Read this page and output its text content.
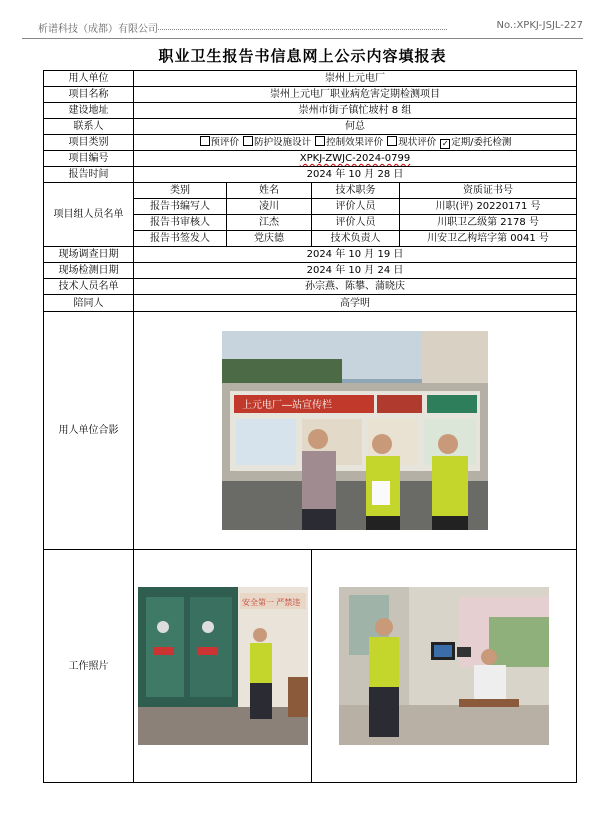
析谱科技（成都）有限公司	No.:XPKJ-JSJL-227
职业卫生报告书信息网上公示内容填报表
用人单位	崇州上元电厂			
项目名称	崇州上元电厂职业病危害定期检测项目			
建设地址	崇州市街子镇忙坡村 8 组			
联系人	何总			
项目类别	预评价 防护设施设计 控制效果评价 现状评价 ✓ 定期/委托检测			
项目编号	XPKJ-ZWJC-2024-0799			
报告时间	2024 年 10 月 28 日			
项目组人员名单	类别	姓名	技术职务	资质证书号
	报告书编写人	凌川	评价人员	川职(评) 20220171 号
	报告书审核人	江杰	评价人员	川职卫乙级第 2178 号
	报告书签发人	党庆德	技术负责人	川安卫乙构培字第 0041 号
现场调查日期	2024 年 10 月 19 日			
现场检测日期	2024 年 10 月 24 日			
技术人员名单	孙宗燕、陈攀、蒲晓庆			
陪同人	高学明			
用人单位合影	上元电厂—站宣传栏			

工作照片	安全第一 严禁违
